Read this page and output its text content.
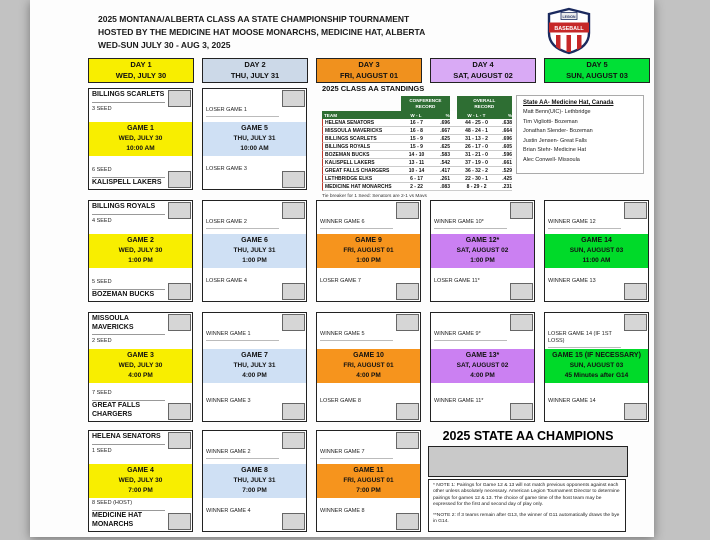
2025 MONTANA/ALBERTA CLASS AA STATE CHAMPIONSHIP TOURNAMENT
HOSTED BY THE MEDICINE HAT MOOSE MONARCHS, MEDICINE HAT, ALBERTA
WED-SUN JULY 30 - AUG 3, 2025
LEGION
BASEBALL
DAY 1
WED, JULY 30
DAY 2
THU, JULY 31
DAY 3
FRI, AUGUST 01
DAY 4
SAT, AUGUST 02
DAY 5
SUN, AUGUST 03
2025 CLASS AA STANDINGS
CONFERENCE
RECORD
OVERALL
RECORD
TEAM	W - L	%	W - L - T	%
HELENA SENATORS	16 - 7	.696	44 - 25 - 0	.638
MISSOULA MAVERICKS	16 - 8	.667	48 - 24 - 1	.664
BILLINGS SCARLETS	15 - 9	.625	31 - 13 - 2	.696
BILLINGS ROYALS	15 - 9	.625	26 - 17 - 0	.605
BOZEMAN BUCKS	14 - 10	.583	31 - 21 - 0	.596
KALISPELL LAKERS	13 - 11	.542	37 - 19 - 0	.661
GREAT FALLS CHARGERS	10 - 14	.417	36 - 32 - 2	.529
LETHBRIDGE ELKS	6 - 17	.261	22 - 30 - 1	.425
MEDICINE HAT MONARCHS	2 - 22	.083	8 - 29 - 2	.231
Tie breaker for 1 Seed: Senators are 2-1 vs Mavs
State AA- Medicine Hat, Canada
Matt Benn(UIC)- Lethbridge
Tim Vigliotti- Bozeman
Jonathan Slender- Bozeman
Justin Jensen- Great Falls
Brian Stehr- Medicine Hat
Alec Conwell- Missoula
BILLINGS SCARLETS
3 SEED
GAME 1
WED, JULY 30
10:00 AM
6 SEED
KALISPELL LAKERS
LOSER GAME 1
GAME 5
THU, JULY 31
10:00 AM
LOSER GAME 3
BILLINGS ROYALS
4 SEED
GAME 2
WED, JULY 30
1:00 PM
5 SEED
BOZEMAN BUCKS
LOSER GAME 2
GAME 6
THU, JULY 31
1:00 PM
LOSER GAME 4
WINNER GAME 6
GAME 9
FRI, AUGUST 01
1:00 PM
LOSER GAME 7
WINNER GAME 10*
GAME 12*
SAT, AUGUST 02
1:00 PM
LOSER GAME 11*
WINNER GAME 12
GAME 14
SUN, AUGUST 03
11:00 AM
WINNER GAME 13
MISSOULA MAVERICKS
2 SEED
GAME 3
WED, JULY 30
4:00 PM
7 SEED
GREAT FALLS CHARGERS
WINNER GAME 1
GAME 7
THU, JULY 31
4:00 PM
WINNER GAME 3
WINNER GAME 5
GAME 10
FRI, AUGUST 01
4:00 PM
LOSER GAME 8
WINNER GAME 9*
GAME 13*
SAT, AUGUST 02
4:00 PM
WINNER GAME 11*
LOSER GAME 14 (IF 1ST LOSS)
GAME 15 (IF NECESSARY)
SUN, AUGUST 03
45 Minutes after G14
WINNER GAME 14
HELENA SENATORS
1 SEED
GAME 4
WED, JULY 30
7:00 PM
8 SEED (HOST)
MEDICINE HAT MONARCHS
WINNER GAME 2
GAME 8
THU, JULY 31
7:00 PM
WINNER GAME 4
WINNER GAME 7
GAME 11
FRI, AUGUST 01
7:00 PM
WINNER GAME 8
2025 STATE AA CHAMPIONS

* NOTE 1: Pairings for Game 12 & 13 will not match previous opponents against each other unless absolutely necessary. American Legion Tournament Director to determine pairings for games 12 & 13. The choice of game time of the host team may be expressed for the first and second day of play only.

**NOTE 2: If 3 teams remain after G13, the winner of G11 automatically draws the bye in G14.
